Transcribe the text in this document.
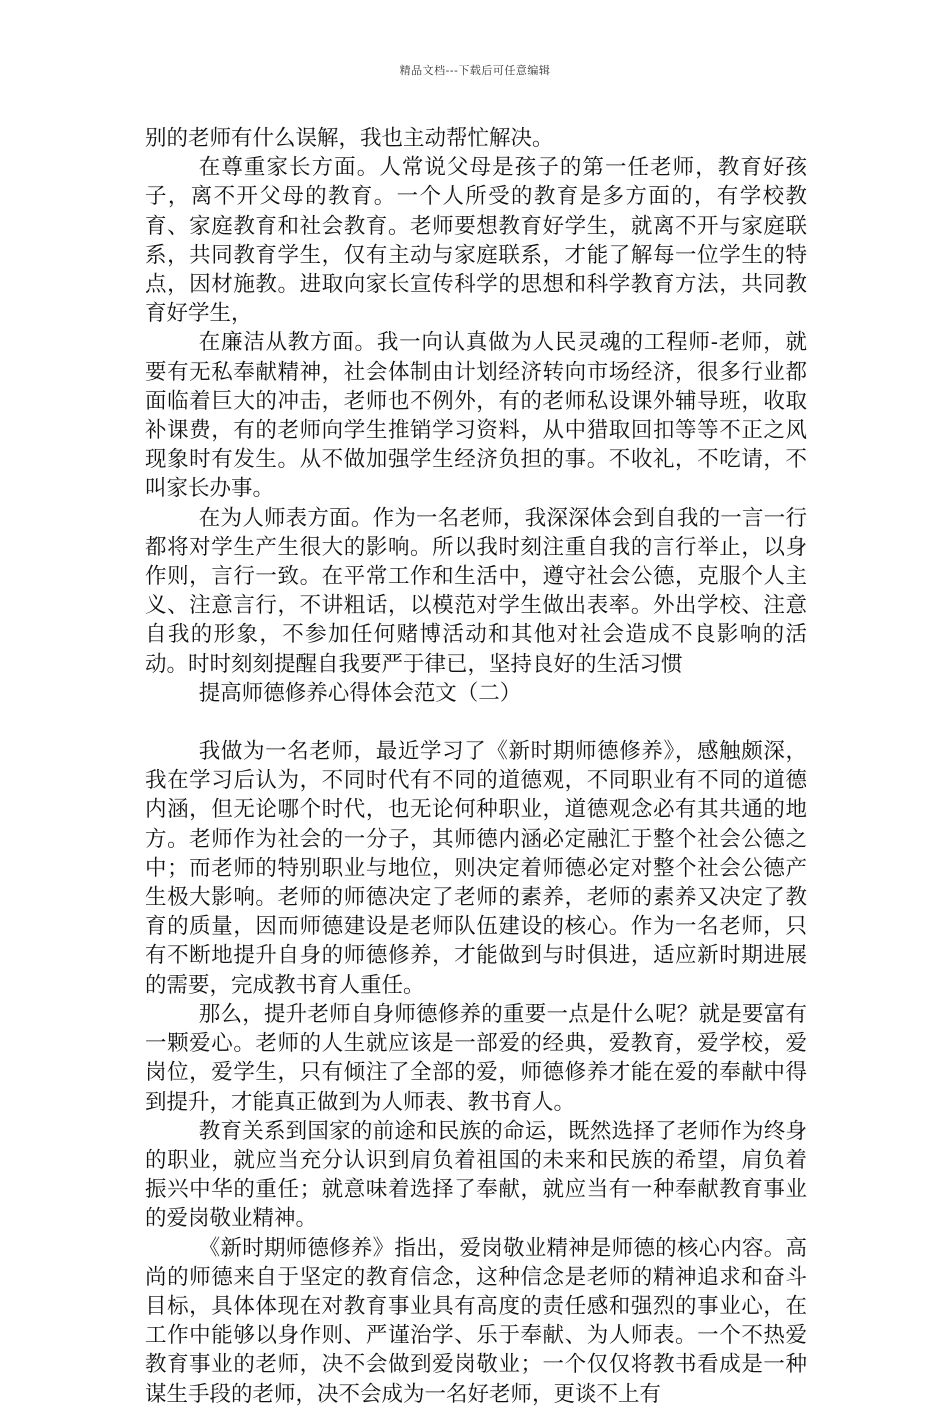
精品文档---下载后可任意编辑

别的老师有什么误解，我也主动帮忙解决。

在尊重家长方面。人常说父母是孩子的第一任老师，教育好孩子，离不开父母的教育。一个人所受的教育是多方面的，有学校教育、家庭教育和社会教育。老师要想教育好学生，就离不开与家庭联系，共同教育学生，仅有主动与家庭联系，才能了解每一位学生的特点，因材施教。进取向家长宣传科学的思想和科学教育方法，共同教育好学生，

在廉洁从教方面。我一向认真做为人民灵魂的工程师-老师，就要有无私奉献精神，社会体制由计划经济转向市场经济，很多行业都面临着巨大的冲击，老师也不例外，有的老师私设课外辅导班，收取补课费，有的老师向学生推销学习资料，从中猎取回扣等等不正之风现象时有发生。从不做加强学生经济负担的事。不收礼，不吃请，不叫家长办事。

在为人师表方面。作为一名老师，我深深体会到自我的一言一行都将对学生产生很大的影响。所以我时刻注重自我的言行举止，以身作则，言行一致。在平常工作和生活中，遵守社会公德，克服个人主义、注意言行，不讲粗话，以模范对学生做出表率。外出学校、注意自我的形象，不参加任何赌博活动和其他对社会造成不良影响的活动。时时刻刻提醒自我要严于律已，坚持良好的生活习惯

提高师德修养心得体会范文（二）

我做为一名老师，最近学习了《新时期师德修养》，感触颇深，我在学习后认为，不同时代有不同的道德观，不同职业有不同的道德内涵，但无论哪个时代，也无论何种职业，道德观念必有其共通的地方。老师作为社会的一分子，其师德内涵必定融汇于整个社会公德之中；而老师的特别职业与地位，则决定着师德必定对整个社会公德产生极大影响。老师的师德决定了老师的素养，老师的素养又决定了教育的质量，因而师德建设是老师队伍建设的核心。作为一名老师，只有不断地提升自身的师德修养，才能做到与时俱进，适应新时期进展的需要，完成教书育人重任。

那么，提升老师自身师德修养的重要一点是什么呢？就是要富有一颗爱心。老师的人生就应该是一部爱的经典，爱教育，爱学校，爱岗位，爱学生，只有倾注了全部的爱，师德修养才能在爱的奉献中得到提升，才能真正做到为人师表、教书育人。

教育关系到国家的前途和民族的命运，既然选择了老师作为终身的职业，就应当充分认识到肩负着祖国的未来和民族的希望，肩负着振兴中华的重任；就意味着选择了奉献，就应当有一种奉献教育事业的爱岗敬业精神。

《新时期师德修养》指出，爱岗敬业精神是师德的核心内容。高尚的师德来自于坚定的教育信念，这种信念是老师的精神追求和奋斗目标，具体体现在对教育事业具有高度的责任感和强烈的事业心，在工作中能够以身作则、严谨治学、乐于奉献、为人师表。一个不热爱教育事业的老师，决不会做到爱岗敬业；一个仅仅将教书看成是一种谋生手段的老师，决不会成为一名好老师，更谈不上有
